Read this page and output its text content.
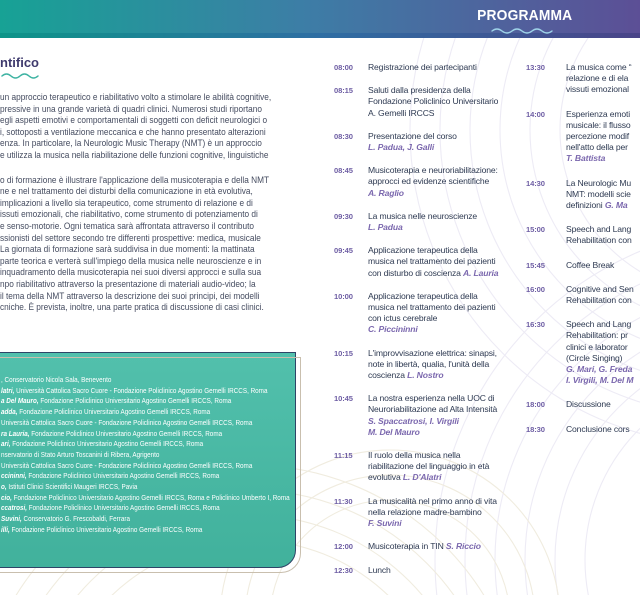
PROGRAMMA
ntifico
un approccio terapeutico e riabilitativo volto a stimolare le abilità cognitive,
pressive in una grande varietà di quadri clinici. Numerosi studi riportano
egli aspetti emotivi e comportamentali di soggetti con deficit neurologici o
i, sottoposti a ventilazione meccanica e che hanno presentato alterazioni
enza. In particolare, la Neurologic Music Therapy (NMT) è un approccio
e utilizza la musica nella riabilitazione delle funzioni cognitive, linguistiche
o di formazione è illustrare l'applicazione della musicoterapia e della NMT
ne e nel trattamento dei disturbi della comunicazione in età evolutiva,
implicazioni a livello sia terapeutico, come strumento di relazione e di
issuti emozionali, che riabilitativo, come strumento di potenziamento di
e senso-motorie. Ogni tematica sarà affrontata attraverso il contributo
ssionisti del settore secondo tre differenti prospettive: medica, musicale
La giornata di formazione sarà suddivisa in due momenti: la mattinata
parte teorica e verterà sull'impiego della musica nelle neuroscienze e in
inquadramento della musicoterapia nei suoi diversi approcci e sulla sua
npo riabilitativo attraverso la presentazione di materiali audio-video; la
il tema della NMT attraverso la descrizione dei suoi principi, dei modelli
cniche. È prevista, inoltre, una parte pratica di discussione di casi clinici.
, Conservatorio Nicola Sala, Benevento
latri, Università Cattolica Sacro Cuore - Fondazione Policlinico Agostino Gemelli IRCCS, Roma
a Del Mauro, Fondazione Policlinico Universitario Agostino Gemelli IRCCS, Roma
adda, Fondazione Policlinico Universitario Agostino Gemelli IRCCS, Roma
Università Cattolica Sacro Cuore - Fondazione Policlinico Agostino Gemelli IRCCS, Roma
ra Lauria, Fondazione Policlinico Universitario Agostino Gemelli IRCCS, Roma
ari, Fondazione Policlinico Universitario Agostino Gemelli IRCCS, Roma
nservatorio di Stato Arturo Toscanini di Ribera, Agrigento
Università Cattolica Sacro Cuore - Fondazione Policlinico Agostino Gemelli IRCCS, Roma
ccininni, Fondazione Policlinico Universitario Agostino Gemelli IRCCS, Roma
o, Istituti Clinici Scientifici Maugeri IRCCS, Pavia
cio, Fondazione Policlinico Universitario Agostino Gemelli IRCCS, Roma e Policlinico Umberto I, Roma
ccatrosi, Fondazione Policlinico Universitario Agostino Gemelli IRCCS, Roma
Suvini, Conservatorio G. Frescobaldi, Ferrara
illi, Fondazione Policlinico Universitario Agostino Gemelli IRCCS, Roma
08:00	Registrazione dei partecipanti
08:15	Saluti dalla presidenza della
Fondazione Policlinico Universitario
A. Gemelli IRCCS
08:30	Presentazione del corso
L. Padua, J. Galli
08:45	Musicoterapia e neuroriabilitazione:
approcci ed evidenze scientifiche
A. Raglio
09:30	La musica nelle neuroscienze
L. Padua
09:45	Applicazione terapeutica della
musica nel trattamento dei pazienti
con disturbo di coscienza A. Lauria
10:00	Applicazione terapeutica della
musica nel trattamento dei pazienti
con ictus cerebrale
C. Piccininni
10:15	L'improvvisazione elettrica: sinapsi,
note in libertà, qualia, l'unità della
coscienza L. Nostro
10:45	La nostra esperienza nella UOC di
Neuroriabilitazione ad Alta Intensità
S. Spaccatrosi, I. Virgili
M. Del Mauro
11:15	Il ruolo della musica nella
riabilitazione del linguaggio in età
evolutiva L. D'Alatri
11:30	La musicalità nel primo anno di vita
nella relazione madre-bambino
F. Suvini
12:00	Musicoterapia in TIN S. Riccio
12:30	Lunch
13:30	La musica come “
relazione e di ela
vissuti emozional
14:00	Esperienza emoti
musicale: il flusso
percezione modif
nell'atto della per
T. Battista
14:30	La Neurologic Mu
NMT: modelli scie
definizioni G. Ma
15:00	Speech and Lang
Rehabilitation con
15:45	Coffee Break
16:00	Cognitive and Sen
Rehabilitation con
16:30	Speech and Lang
Rehabilitation: pr
clinici e laborator
(Circle Singing)
G. Mari, G. Freda
I. Virgili, M. Del M
18:00	Discussione
18:30	Conclusione cors
